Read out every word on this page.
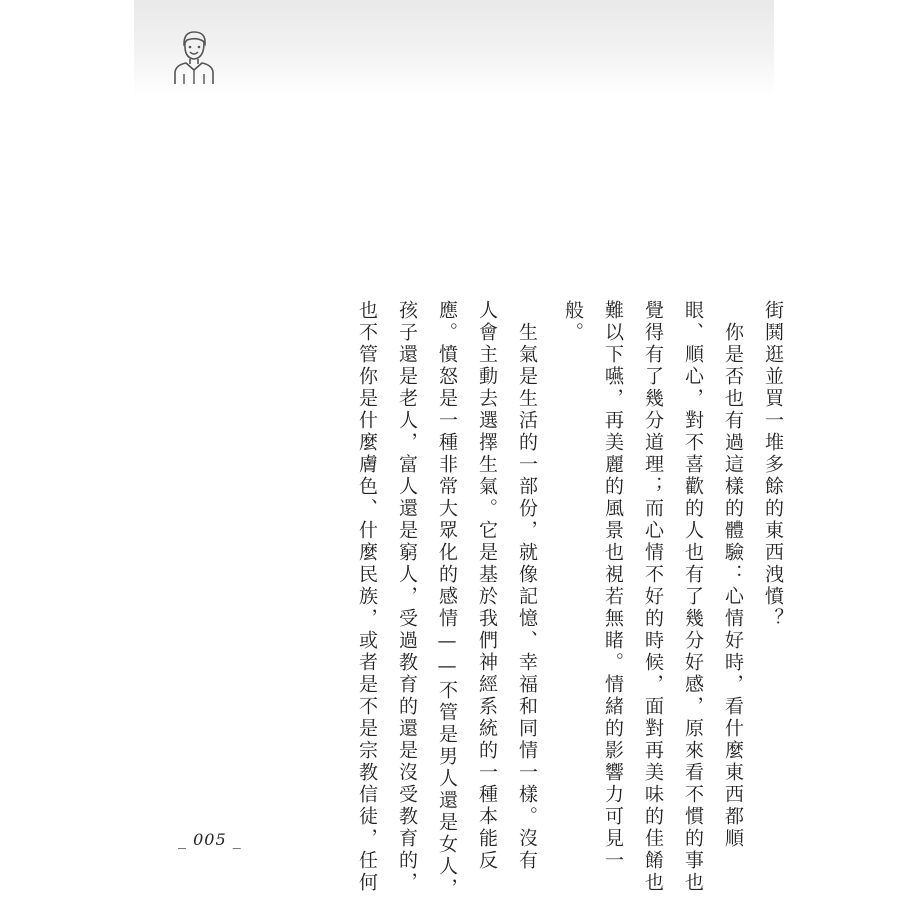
街鬨逛並買一堆多餘的東西洩憤？
　你是否也有過這樣的體驗：心情好時，看什麼東西都順
眼、順心，對不喜歡的人也有了幾分好感，原來看不慣的事也
覺得有了幾分道理；而心情不好的時候，面對再美味的佳餚也
難以下嚥，再美麗的風景也視若無睹。情緒的影響力可見一
般。
　生氣是生活的一部份，就像記憶、幸福和同情一樣。沒有
人會主動去選擇生氣。它是基於我們神經系統的一種本能反
應。憤怒是一種非常大眾化的感情——不管是男人還是女人，
孩子還是老人，富人還是窮人，受過教育的還是沒受教育的，
也不管你是什麼膚色、什麼民族，或者是不是宗教信徒，任何
_ 005 _
